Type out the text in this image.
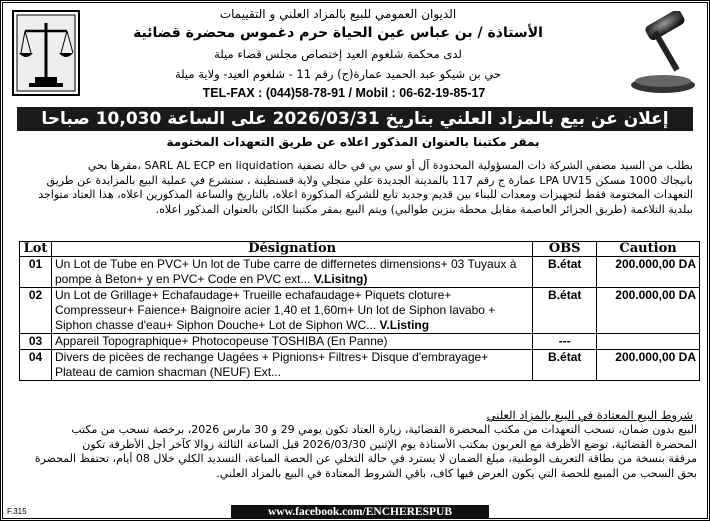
الديوان العمومي للبيع بالمزاد العلني و التقييمات
الأستاذة / بن عباس عين الحياة حرم دغموس محضرة قضائية
لدى محكمة شلغوم العيد إختصاص مجلس قضاء ميلة
حي بن شيكو عبد الحميد عمارة(ج) رقم 11 - شلغوم العيد- ولاية ميلة
TEL-FAX : (044)58-78-91 / Mobil : 06-62-19-85-17
إعلان عن بيع بالمزاد العلني بتاريخ 2026/03/31 على الساعة 10,030 صباحا
بمقر مكتبنا بالعنوان المذكور اعلاه عن طريق التعهدات المختومة
بطلب من السيد مصفي الشركة ذات المسؤولية المحدودة آل أو سي بي في حالة تصفية SARL AL ECP en liquidation ،مقرها بحي
بانيجاك 1000 مسكن LPA UV15 عمارة ج رقم 117 بالمدينة الجديدة علي منجلي ولاية قسنطينة ، سنشرع في عملية البيع بالمزايدة عن طريق
التعهدات المختومة فقط لتجهيزات ومعدات للبناء بين قديم وجديد تابع للشركة المذكورة اعلاه، بالتاريخ والساعة المذكورين اعلاه، هذا العتاد متواجد
ببلدية التلاغمة (طريق الجزائر العاصمة مقابل محطة بنزين طوالبي) ويتم البيع بمقر مكتبنا الكائن بالعنوان المذكور اعلاه.
Lot	Désignation	OBS	Caution
01	Un Lot de Tube en PVC+ Un lot de Tube carre de differnetes dimensions+ 03 Tuyaux à pompe à Beton+ y en PVC+ Code en PVC ext... V.Lisitng)	B.état	200.000,00 DA
02	Un Lot de Grillage+ Echafaudage+ Trueille echafaudage+ Piquets cloture+ Compresseur+ Faience+ Baignoire acier 1,40 et 1,60m+ Un lot de Siphon lavabo + Siphon chasse d'eau+ Siphon Douche+ Lot de Siphon WC... V.Listing	B.état	200.000,00 DA
03	Appareil Topographique+ Photocopeuse TOSHIBA (En Panne)	---	
04	Divers de picèes de rechange Uagées + Pignions+ Filtres+ Disque d'embrayage+ Plateau de camion shacman (NEUF) Ext...	B.état	200.000,00 DA
شروط البيع المعتادة في البيع بالمزاد العلني
البيع بدون ضمان، تسحب التعهدات من مكتب المحضرة القضائية، زيارة العتاد تكون يومي 29 و 30 مارس 2026، برخصة تسحب من مكتب
المحضرة القضائية، توضع الأظرفة مع العربون بمكتب الأستاذة يوم الإثنين 2026/03/30 قبل الساعة الثالثة زوالا كآخر أجل الأظرفة تكون
مرفقة بنسخة من بطاقة التعريف الوطنية، مبلغ الضمان لا يسترد في حالة التخلي عن الحصة المباعة، التسديد الكلي خلال 08 أيام، تحتفظ المحضرة
بحق السحب من المبيع للحصة التي يكون العرض فيها كاف، باقي الشروط المعتادة في البيع بالمزاد العلني.
F.315	www.facebook.com/ENCHERESPUB
